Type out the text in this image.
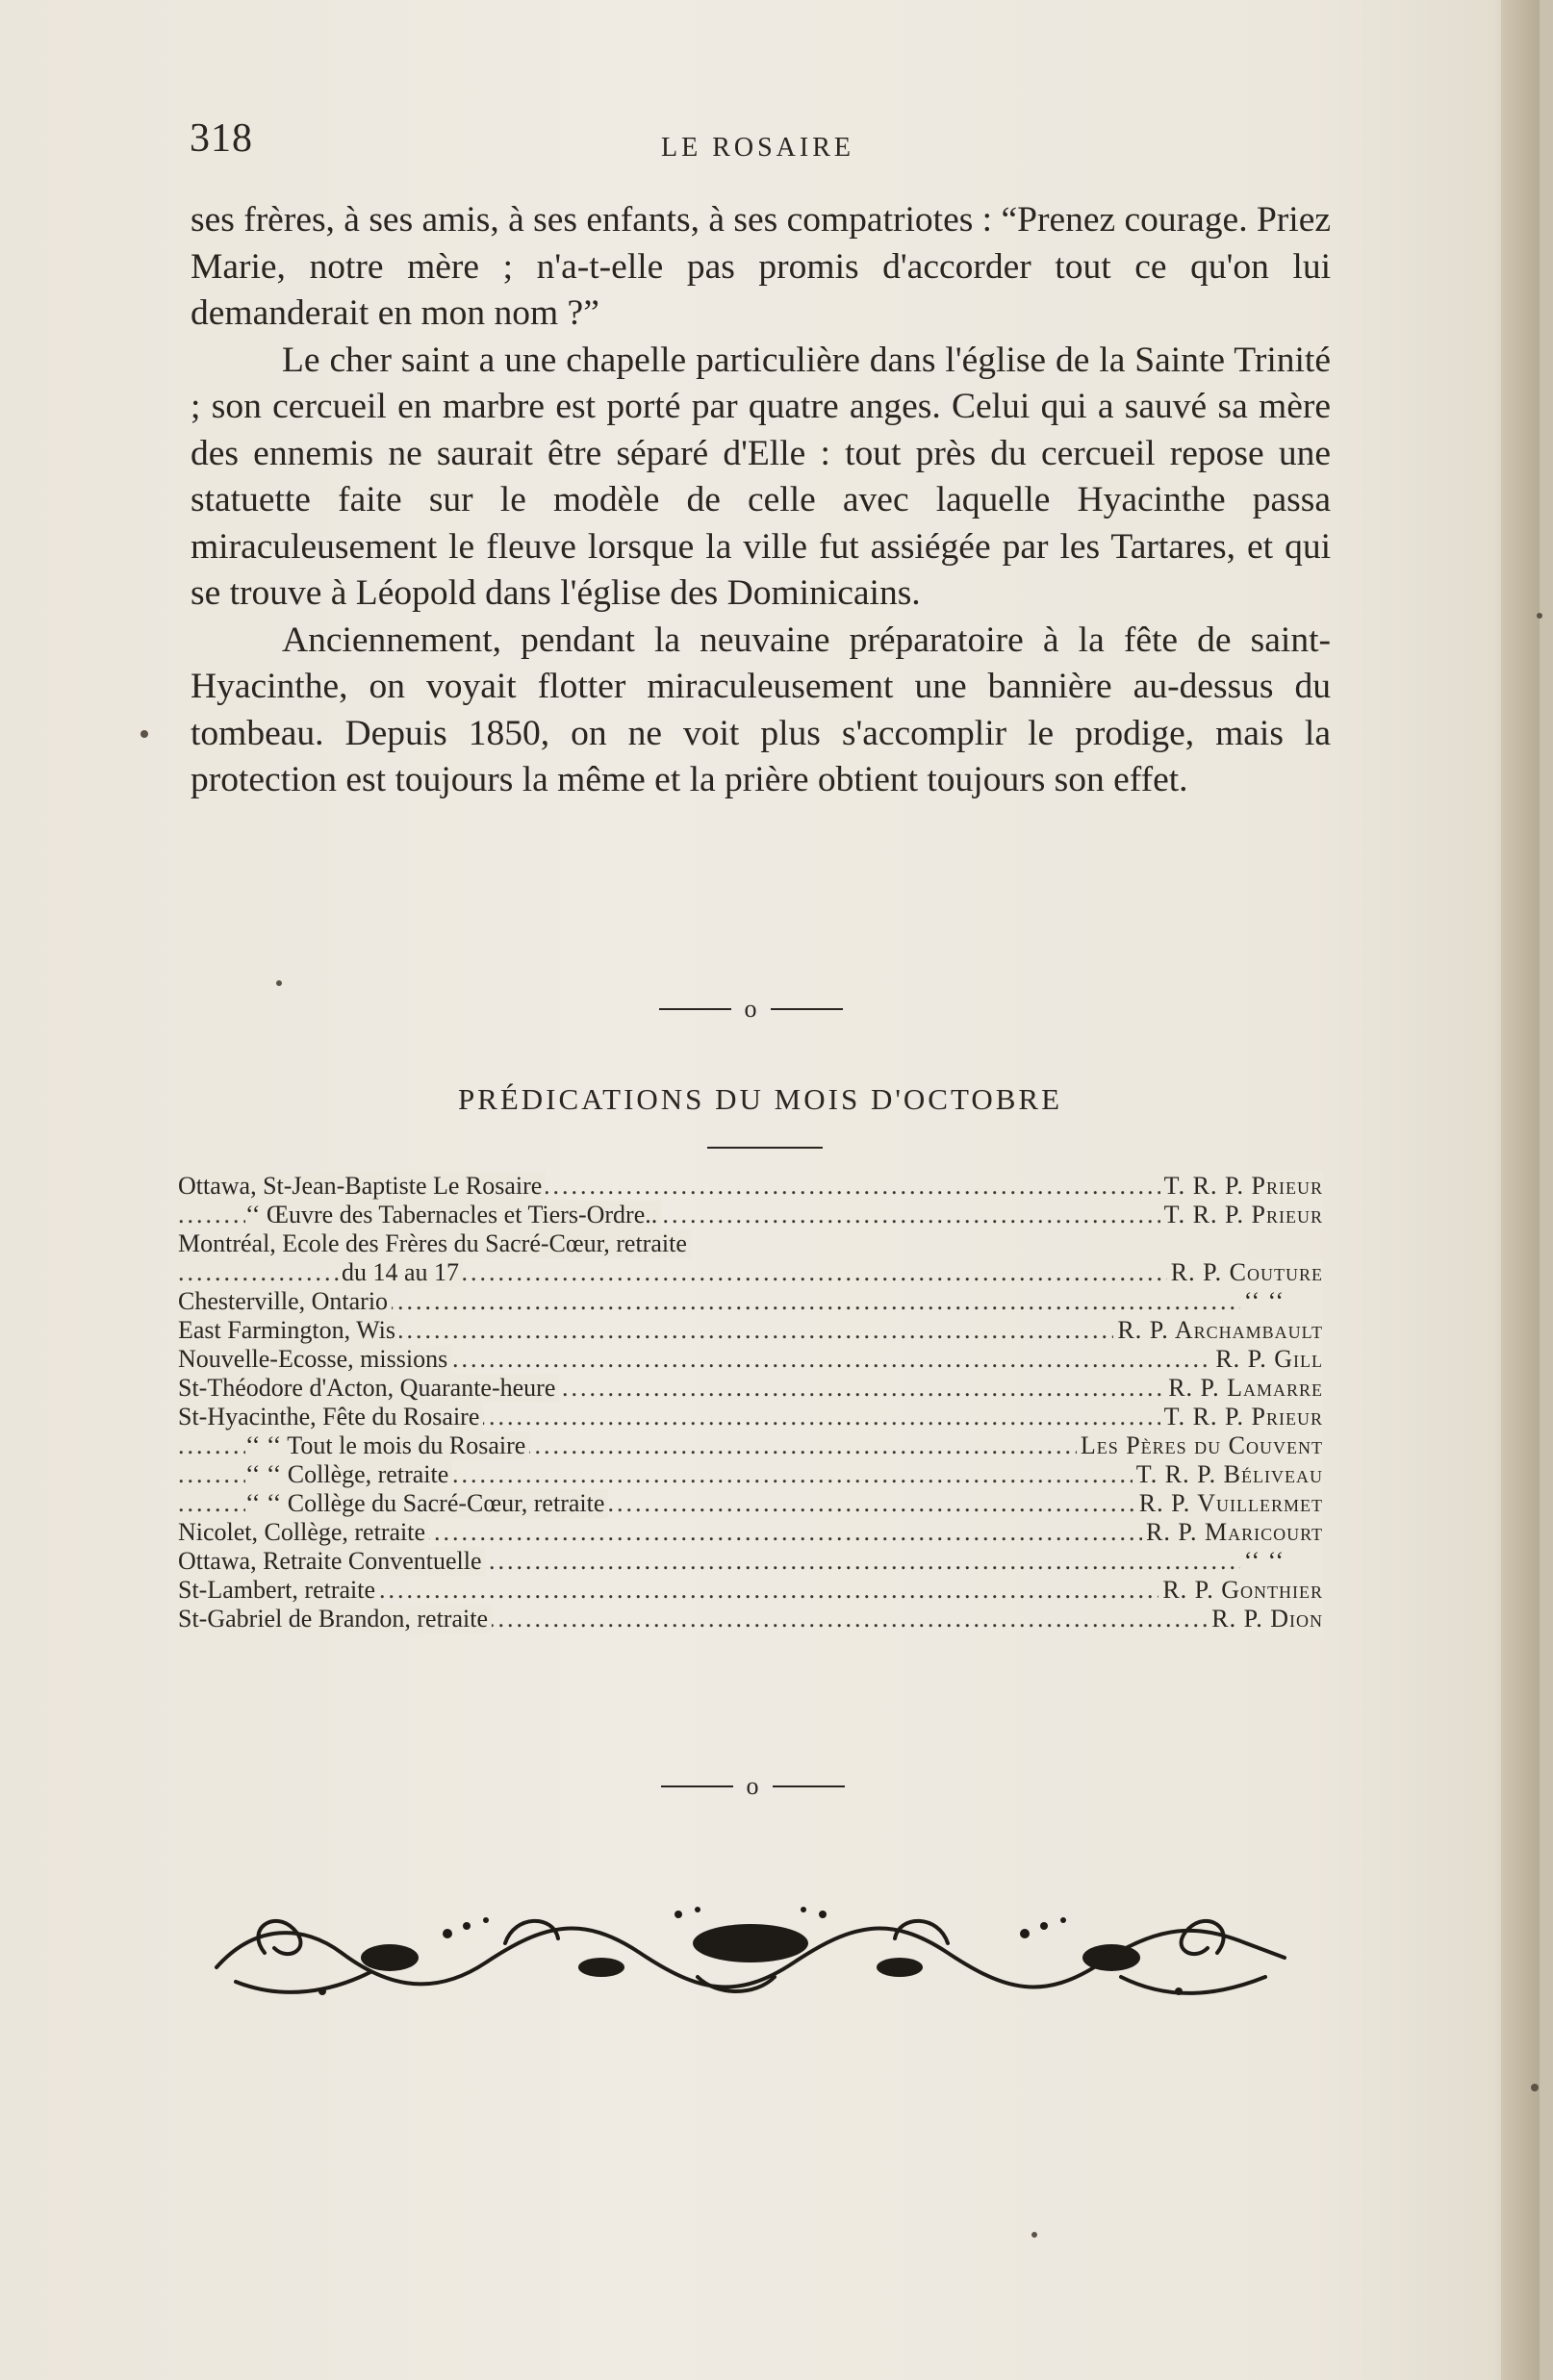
318	LE ROSAIRE

ses frères, à ses amis, à ses enfants, à ses compatriotes : “Prenez courage. Priez Marie, notre mère ; n'a-t-elle pas promis d'accorder tout ce qu'on lui demanderait en mon nom ?”

Le cher saint a une chapelle particulière dans l'église de la Sainte Trinité ; son cercueil en marbre est porté par quatre anges. Celui qui a sauvé sa mère des ennemis ne saurait être séparé d'Elle : tout près du cercueil repose une statuette faite sur le modèle de celle avec laquelle Hyacinthe passa miraculeusement le fleuve lorsque la ville fut assiégée par les Tartares, et qui se trouve à Léopold dans l'église des Dominicains.

Anciennement, pendant la neuvaine préparatoire à la fête de saint-Hyacinthe, on voyait flotter miraculeusement une bannière au-dessus du tombeau. Depuis 1850, on ne voit plus s'accomplir le prodige, mais la protection est toujours la même et la prière obtient toujours son effet.

o
PRÉDICATIONS DU MOIS D'OCTOBRE
Ottawa, St-Jean-Baptiste Le Rosaire .....	T. R. P. Prieur
‘‘ Œuvre des Tabernacles et Tiers-Ordre.. .....	T. R. P. Prieur
Montréal, Ecole des Frères du Sacré-Cœur, retraite
du 14 au 17 .....	R. P. Couture
Chesterville, Ontario .....	‘‘ ‘‘
East Farmington, Wis .....	R. P. Archambault
Nouvelle-Ecosse, missions .....	R. P. Gill
St-Théodore d'Acton, Quarante-heure .....	R. P. Lamarre
St-Hyacinthe, Fête du Rosaire .....	T. R. P. Prieur
‘‘ ‘‘ Tout le mois du Rosaire .....	Les Pères du Couvent
‘‘ ‘‘ Collège, retraite .....	T. R. P. Béliveau
‘‘ ‘‘ Collège du Sacré-Cœur, retraite .....	R. P. Vuillermet
Nicolet, Collège, retraite .....	R. P. Maricourt
Ottawa, Retraite Conventuelle .....	‘‘ ‘‘
St-Lambert, retraite .....	R. P. Gonthier
St-Gabriel de Brandon, retraite .....	R. P. Dion
o
